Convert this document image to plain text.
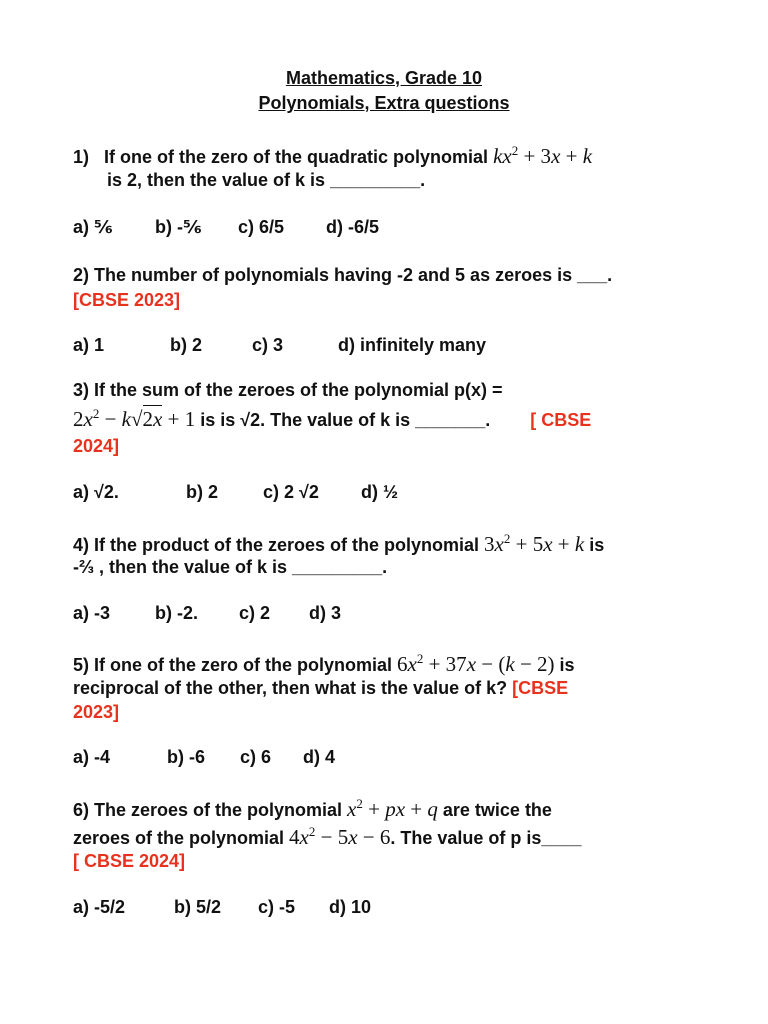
Mathematics, Grade 10
Polynomials, Extra questions
1) If one of the zero of the quadratic polynomial $kx^2 + 3x + k$
is 2, then the value of k is _________.
a) ⅚ b) -⅚ c) 6/5 d) -6/5
2) The number of polynomials having -2 and 5 as zeroes is ___.
[CBSE 2023]
a) 1	b) 2	c) 3	d) infinitely many
3) If the sum of the zeroes of the polynomial p(x) =
$2x^2 - k√2x + 1$ is is √2. The value of k is _______. [ CBSE
2024]
a) √2.	b) 2 c) 2 √2 d) ½
4) If the product of the zeroes of the polynomial $3x^2 + 5x + k$ is
-⅔ , then the value of k is _________.
a) -3 b) -2. c) 2 d) 3
5) If one of the zero of the polynomial $6x^2 + 37x - (k - 2)$ is
reciprocal of the other, then what is the value of k? [CBSE
2023]
a) -4	b) -6 c) 6 d) 4
6) The zeroes of the polynomial $x^2$ + px + q are twice the
zeroes of the polynomial $4x^2 - 5x - 6$. The value of p is____
[ CBSE 2024]
a) -5/2	b) 5/2 c) -5 d) 10
